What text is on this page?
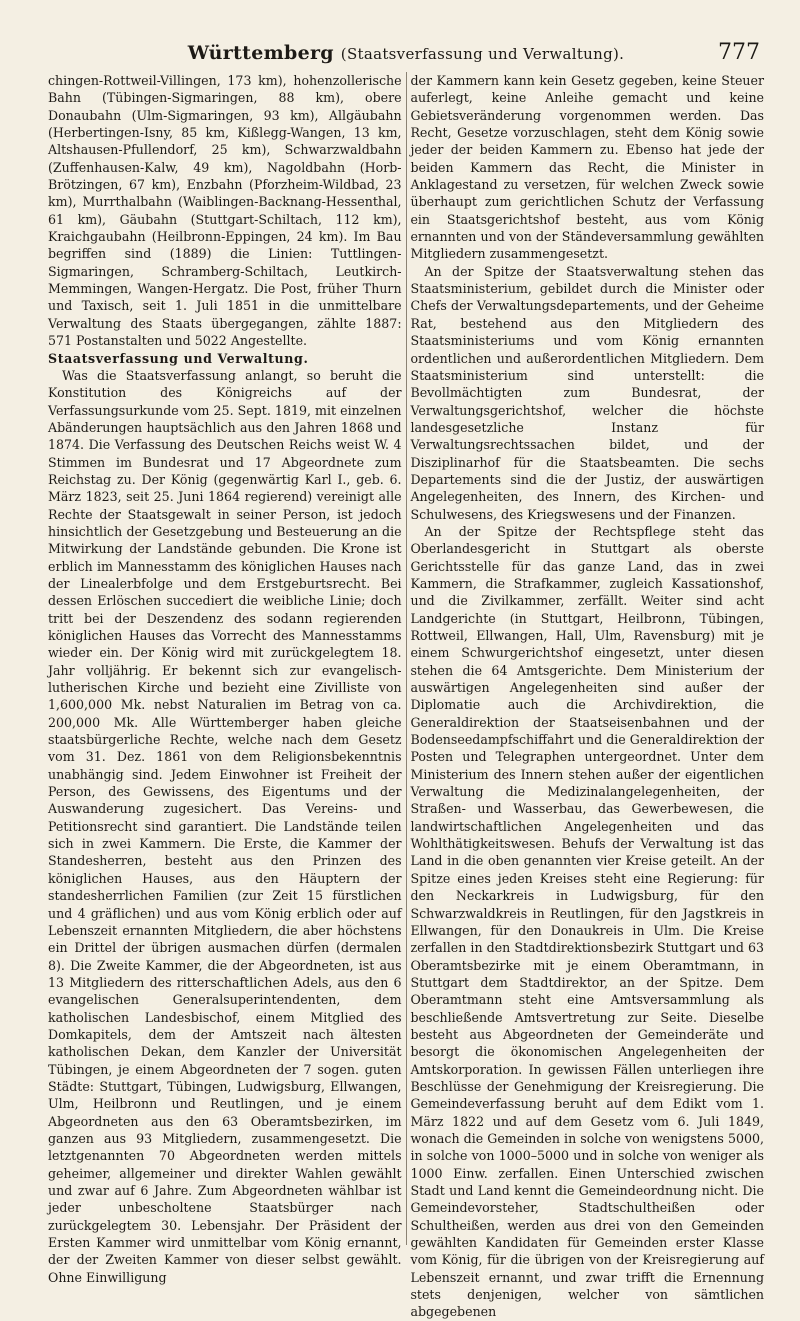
Württemberg (Staatsverfassung und Verwaltung).	777

chingen-Rottweil-Villingen, 173 km), hohenzollerische Bahn (Tübingen-Sigmaringen, 88 km), obere Donaubahn (Ulm-Sigmaringen, 93 km), Allgäubahn (Herbertingen-Isny, 85 km, Kißlegg-Wangen, 13 km, Altshausen-Pfullendorf, 25 km), Schwarzwaldbahn (Zuffenhausen-Kalw, 49 km), Nagoldbahn (Horb-Brötzingen, 67 km), Enzbahn (Pforzheim-Wildbad, 23 km), Murrthalbahn (Waiblingen-Backnang-Hessenthal, 61 km), Gäubahn (Stuttgart-Schiltach, 112 km), Kraichgaubahn (Heilbronn-Eppingen, 24 km). Im Bau begriffen sind (1889) die Linien: Tuttlingen-Sigmaringen, Schramberg-Schiltach, Leutkirch-Memmingen, Wangen-Hergatz. Die Post, früher Thurn und Taxisch, seit 1. Juli 1851 in die unmittelbare Verwaltung des Staats übergegangen, zählte 1887: 571 Postanstalten und 5022 Angestellte.

Staatsverfassung und Verwaltung.

Was die Staatsverfassung anlangt, so beruht die Konstitution des Königreichs auf der Verfassungsurkunde vom 25. Sept. 1819, mit einzelnen Abänderungen hauptsächlich aus den Jahren 1868 und 1874. Die Verfassung des Deutschen Reichs weist W. 4 Stimmen im Bundesrat und 17 Abgeordnete zum Reichstag zu. Der König (gegenwärtig Karl I., geb. 6. März 1823, seit 25. Juni 1864 regierend) vereinigt alle Rechte der Staatsgewalt in seiner Person, ist jedoch hinsichtlich der Gesetzgebung und Besteuerung an die Mitwirkung der Landstände gebunden. Die Krone ist erblich im Mannesstamm des königlichen Hauses nach der Linealerbfolge und dem Erstgeburtsrecht. Bei dessen Erlöschen succediert die weibliche Linie; doch tritt bei der Deszendenz des sodann regierenden königlichen Hauses das Vorrecht des Mannesstamms wieder ein. Der König wird mit zurückgelegtem 18. Jahr volljährig. Er bekennt sich zur evangelisch-lutherischen Kirche und bezieht eine Zivilliste von 1,600,000 Mk. nebst Naturalien im Betrag von ca. 200,000 Mk. Alle Württemberger haben gleiche staatsbürgerliche Rechte, welche nach dem Gesetz vom 31. Dez. 1861 von dem Religionsbekenntnis unabhängig sind. Jedem Einwohner ist Freiheit der Person, des Gewissens, des Eigentums und der Auswanderung zugesichert. Das Vereins- und Petitionsrecht sind garantiert. Die Landstände teilen sich in zwei Kammern. Die Erste, die Kammer der Standesherren, besteht aus den Prinzen des königlichen Hauses, aus den Häuptern der standesherrlichen Familien (zur Zeit 15 fürstlichen und 4 gräflichen) und aus vom König erblich oder auf Lebenszeit ernannten Mitgliedern, die aber höchstens ein Drittel der übrigen ausmachen dürfen (dermalen 8). Die Zweite Kammer, die der Abgeordneten, ist aus 13 Mitgliedern des ritterschaftlichen Adels, aus den 6 evangelischen Generalsuperintendenten, dem katholischen Landesbischof, einem Mitglied des Domkapitels, dem der Amtszeit nach ältesten katholischen Dekan, dem Kanzler der Universität Tübingen, je einem Abgeordneten der 7 sogen. guten Städte: Stuttgart, Tübingen, Ludwigsburg, Ellwangen, Ulm, Heilbronn und Reutlingen, und je einem Abgeordneten aus den 63 Oberamtsbezirken, im ganzen aus 93 Mitgliedern, zusammengesetzt. Die letztgenannten 70 Abgeordneten werden mittels geheimer, allgemeiner und direkter Wahlen gewählt und zwar auf 6 Jahre. Zum Abgeordneten wählbar ist jeder unbescholtene Staatsbürger nach zurückgelegtem 30. Lebensjahr. Der Präsident der Ersten Kammer wird unmittelbar vom König ernannt, der der Zweiten Kammer von dieser selbst gewählt. Ohne Einwilligung

der Kammern kann kein Gesetz gegeben, keine Steuer auferlegt, keine Anleihe gemacht und keine Gebietsveränderung vorgenommen werden. Das Recht, Gesetze vorzuschlagen, steht dem König sowie jeder der beiden Kammern zu. Ebenso hat jede der beiden Kammern das Recht, die Minister in Anklagestand zu versetzen, für welchen Zweck sowie überhaupt zum gerichtlichen Schutz der Verfassung ein Staatsgerichtshof besteht, aus vom König ernannten und von der Ständeversammlung gewählten Mitgliedern zusammengesetzt.

An der Spitze der Staatsverwaltung stehen das Staatsministerium, gebildet durch die Minister oder Chefs der Verwaltungsdepartements, und der Geheime Rat, bestehend aus den Mitgliedern des Staatsministeriums und vom König ernannten ordentlichen und außerordentlichen Mitgliedern. Dem Staatsministerium sind unterstellt: die Bevollmächtigten zum Bundesrat, der Verwaltungsgerichtshof, welcher die höchste landesgesetzliche Instanz für Verwaltungsrechtssachen bildet, und der Disziplinarhof für die Staatsbeamten. Die sechs Departements sind die der Justiz, der auswärtigen Angelegenheiten, des Innern, des Kirchen- und Schulwesens, des Kriegswesens und der Finanzen.

An der Spitze der Rechtspflege steht das Oberlandesgericht in Stuttgart als oberste Gerichtsstelle für das ganze Land, das in zwei Kammern, die Strafkammer, zugleich Kassationshof, und die Zivilkammer, zerfällt. Weiter sind acht Landgerichte (in Stuttgart, Heilbronn, Tübingen, Rottweil, Ellwangen, Hall, Ulm, Ravensburg) mit je einem Schwurgerichtshof eingesetzt, unter diesen stehen die 64 Amtsgerichte. Dem Ministerium der auswärtigen Angelegenheiten sind außer der Diplomatie auch die Archivdirektion, die Generaldirektion der Staatseisenbahnen und der Bodenseedampfschiffahrt und die Generaldirektion der Posten und Telegraphen untergeordnet. Unter dem Ministerium des Innern stehen außer der eigentlichen Verwaltung die Medizinalangelegenheiten, der Straßen- und Wasserbau, das Gewerbewesen, die landwirtschaftlichen Angelegenheiten und das Wohlthätigkeitswesen. Behufs der Verwaltung ist das Land in die oben genannten vier Kreise geteilt. An der Spitze eines jeden Kreises steht eine Regierung: für den Neckarkreis in Ludwigsburg, für den Schwarzwaldkreis in Reutlingen, für den Jagstkreis in Ellwangen, für den Donaukreis in Ulm. Die Kreise zerfallen in den Stadtdirektionsbezirk Stuttgart und 63 Oberamtsbezirke mit je einem Oberamtmann, in Stuttgart dem Stadtdirektor, an der Spitze. Dem Oberamtmann steht eine Amtsversammlung als beschließende Amtsvertretung zur Seite. Dieselbe besteht aus Abgeordneten der Gemeinderäte und besorgt die ökonomischen Angelegenheiten der Amtskorporation. In gewissen Fällen unterliegen ihre Beschlüsse der Genehmigung der Kreisregierung. Die Gemeindeverfassung beruht auf dem Edikt vom 1. März 1822 und auf dem Gesetz vom 6. Juli 1849, wonach die Gemeinden in solche von wenigstens 5000, in solche von 1000–5000 und in solche von weniger als 1000 Einw. zerfallen. Einen Unterschied zwischen Stadt und Land kennt die Gemeindeordnung nicht. Die Gemeindevorsteher, Stadtschultheißen oder Schultheißen, werden aus drei von den Gemeinden gewählten Kandidaten für Gemeinden erster Klasse vom König, für die übrigen von der Kreisregierung auf Lebenszeit ernannt, und zwar trifft die Ernennung stets denjenigen, welcher von sämtlichen abgegebenen
